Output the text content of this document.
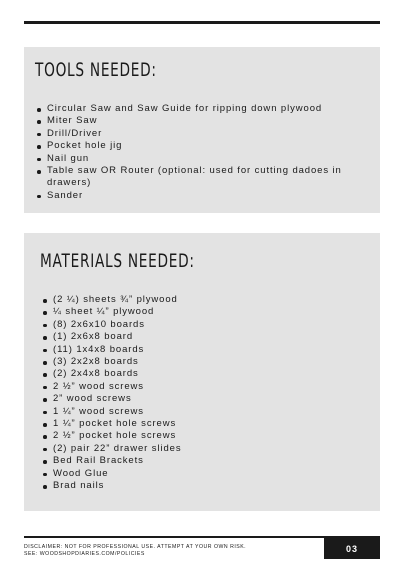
TOOLS NEEDED:
Circular Saw and Saw Guide for ripping down plywood
Miter Saw
Drill/Driver
Pocket hole jig
Nail gun
Table saw OR Router (optional: used for cutting dadoes in drawers)
Sander
MATERIALS NEEDED:
(2 ¼) sheets ¾” plywood
¼ sheet ¼” plywood
(8) 2x6x10 boards
(1) 2x6x8 board
(11) 1x4x8 boards
(3) 2x2x8 boards
(2) 2x4x8 boards
2 ½” wood screws
2” wood screws
1 ¼” wood screws
1 ¼” pocket hole screws
2 ½” pocket hole screws
(2) pair 22” drawer slides
Bed Rail Brackets
Wood Glue
Brad nails
DISCLAIMER: NOT FOR PROFESSIONAL USE. ATTEMPT AT YOUR OWN RISK.
SEE: WOODSHOPDIARIES.COM/POLICIES
03
